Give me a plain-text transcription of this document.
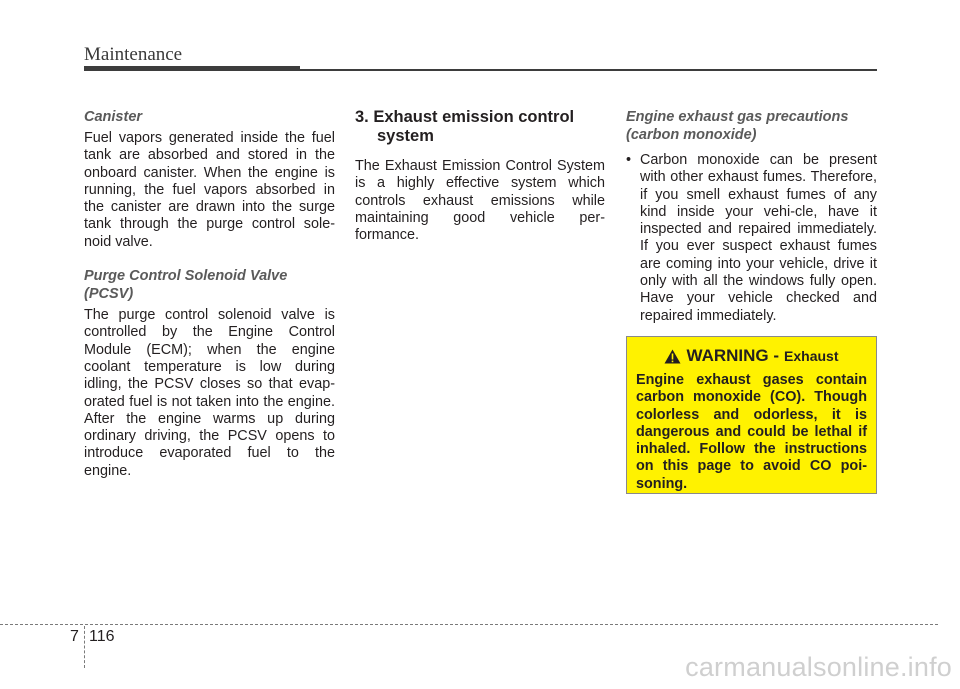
Maintenance

Canister

Fuel vapors generated inside the fuel tank are absorbed and stored in the onboard canister. When the engine is running, the fuel vapors absorbed in the canister are drawn into the surge tank through the purge control sole-noid valve.

Purge Control Solenoid Valve (PCSV)

The purge control solenoid valve is controlled by the Engine Control Module (ECM); when the engine coolant temperature is low during idling, the PCSV closes so that evap-orated fuel is not taken into the engine. After the engine warms up during ordinary driving, the PCSV opens to introduce evaporated fuel to the engine.

3. Exhaust emission control system

The Exhaust Emission Control System is a highly effective system which controls exhaust emissions while maintaining good vehicle per-formance.

Engine exhaust gas precautions (carbon monoxide)

• Carbon monoxide can be present with other exhaust fumes. Therefore, if you smell exhaust fumes of any kind inside your vehi-cle, have it inspected and repaired immediately. If you ever suspect exhaust fumes are coming into your vehicle, drive it only with all the windows fully open. Have your vehicle checked and repaired immediately.
WARNING - Exhaust
Engine exhaust gases contain carbon monoxide (CO). Though colorless and odorless, it is dangerous and could be lethal if inhaled. Follow the instructions on this page to avoid CO poi-soning.
7 116
carmanualsonline.info
